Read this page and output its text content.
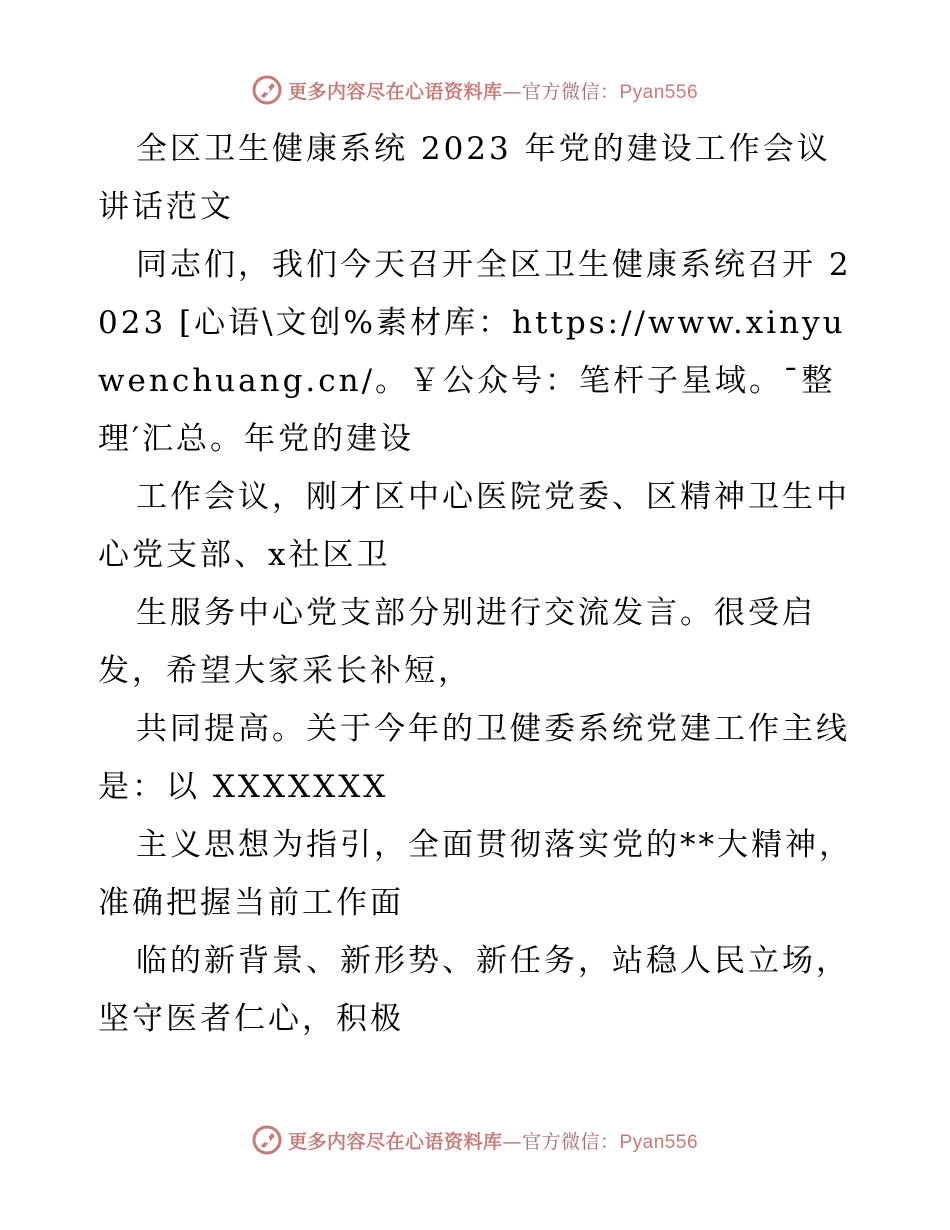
更多内容尽在心语资料库—官方微信：Pyan556

全区卫生健康系统 2023 年党的建设工作会议讲话范文

同志们，我们今天召开全区卫生健康系统召开 2023 [心语\文创%素材库：https://www.xinyuwenchuang.cn/。￥公众号：笔杆子星域。¯整理′汇总。年党的建设

工作会议，刚才区中心医院党委、区精神卫生中心党支部、x社区卫

生服务中心党支部分别进行交流发言。很受启发，希望大家采长补短，

共同提高。关于今年的卫健委系统党建工作主线是：以 XXXXXXX

主义思想为指引，全面贯彻落实党的**大精神，准确把握当前工作面

临的新背景、新形势、新任务，站稳人民立场，坚守医者仁心，积极

更多内容尽在心语资料库—官方微信：Pyan556
